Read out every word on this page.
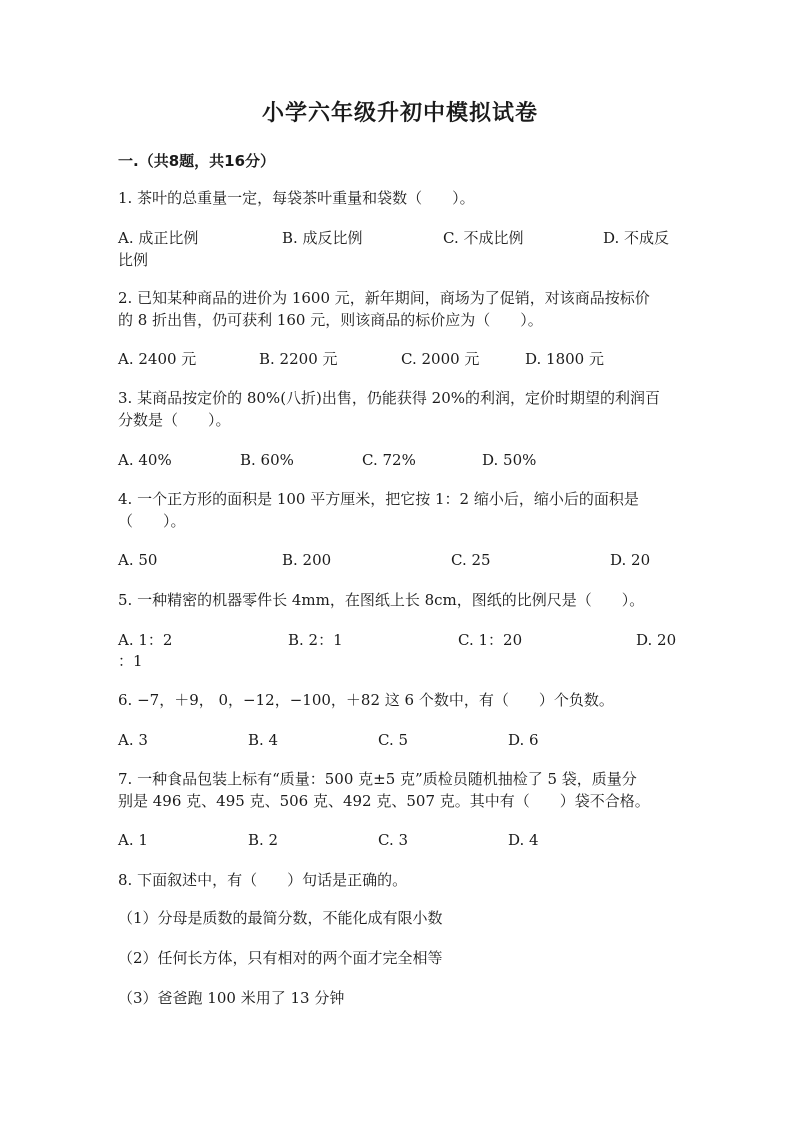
小学六年级升初中模拟试卷
一.（共8题，共16分）
1. 茶叶的总重量一定，每袋茶叶重量和袋数（　　）。
A. 成正比例	B. 成反比例	C. 不成比例	D. 不成反
比例
2. 已知某种商品的进价为 1600 元，新年期间，商场为了促销，对该商品按标价
的 8 折出售，仍可获利 160 元，则该商品的标价应为（　　）。
A. 2400 元	B. 2200 元	C. 2000 元	D. 1800 元
3. 某商品按定价的 80%(八折)出售，仍能获得 20%的利润，定价时期望的利润百
分数是（　　）。
A. 40%	B. 60%	C. 72%	D. 50%
4. 一个正方形的面积是 100 平方厘米，把它按 1：2 缩小后，缩小后的面积是
（　　）。
A. 50	B. 200	C. 25	D. 20
5. 一种精密的机器零件长 4mm，在图纸上长 8cm，图纸的比例尺是（　　）。
A. 1：2	B. 2：1	C. 1：20	D. 20
：1
6. −7，＋9， 0，−12，−100，＋82 这 6 个数中，有（　　）个负数。
A. 3	B. 4	C. 5	D. 6
7. 一种食品包装上标有“质量：500 克±5 克”质检员随机抽检了 5 袋，质量分
别是 496 克、495 克、506 克、492 克、507 克。其中有（　　）袋不合格。
A. 1	B. 2	C. 3	D. 4
8. 下面叙述中，有（　　）句话是正确的。
（1）分母是质数的最简分数，不能化成有限小数
（2）任何长方体，只有相对的两个面才完全相等
（3）爸爸跑 100 米用了 13 分钟
